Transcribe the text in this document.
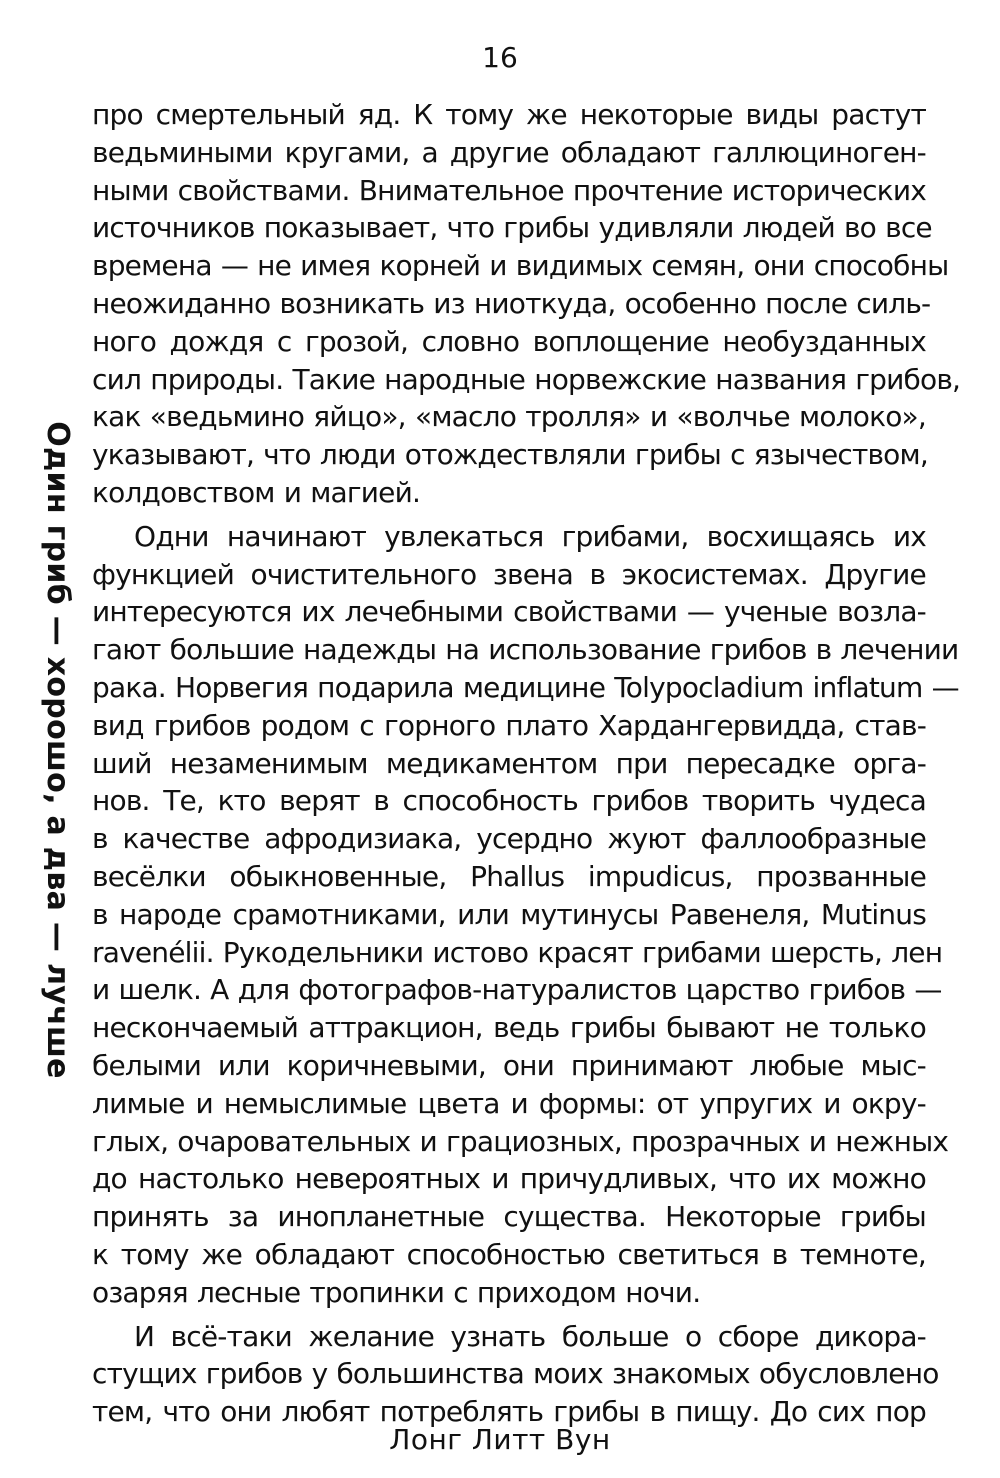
16
Один гриб — хорошо, а два — лучше
про смертельный яд. К тому же некоторые виды растут
ведьмиными кругами, а другие обладают галлюциноген-
ными свойствами. Внимательное прочтение исторических
источников показывает, что грибы удивляли людей во все
времена — не имея корней и видимых семян, они способны
неожиданно возникать из ниоткуда, особенно после силь-
ного дождя с грозой, словно воплощение необузданных
сил природы. Такие народные норвежские названия грибов,
как «ведьмино яйцо», «масло тролля» и «волчье молоко»,
указывают, что люди отождествляли грибы с язычеством,
колдовством и магией.
Одни начинают увлекаться грибами, восхищаясь их
функцией очистительного звена в экосистемах. Другие
интересуются их лечебными свойствами — ученые возла-
гают большие надежды на использование грибов в лечении
рака. Норвегия подарила медицине Tolypocladium inflatum —
вид грибов родом с горного плато Хардангервидда, став-
ший незаменимым медикаментом при пересадке орга-
нов. Те, кто верят в способность грибов творить чудеса
в качестве афродизиака, усердно жуют фаллообразные
весёлки обыкновенные, Phallus impudicus, прозванные
в народе срамотниками, или мутинусы Равенеля, Mutinus
ravenélii. Рукодельники истово красят грибами шерсть, лен
и шелк. А для фотографов-натуралистов царство грибов —
нескончаемый аттракцион, ведь грибы бывают не только
белыми или коричневыми, они принимают любые мыс-
лимые и немыслимые цвета и формы: от упругих и окру-
глых, очаровательных и грациозных, прозрачных и нежных
до настолько невероятных и причудливых, что их можно
принять за инопланетные существа. Некоторые грибы
к тому же обладают способностью светиться в темноте,
озаряя лесные тропинки с приходом ночи.
И всё-таки желание узнать больше о сборе дикора-
стущих грибов у большинства моих знакомых обусловлено
тем, что они любят потреблять грибы в пищу. До сих пор
Лонг Литт Вун
